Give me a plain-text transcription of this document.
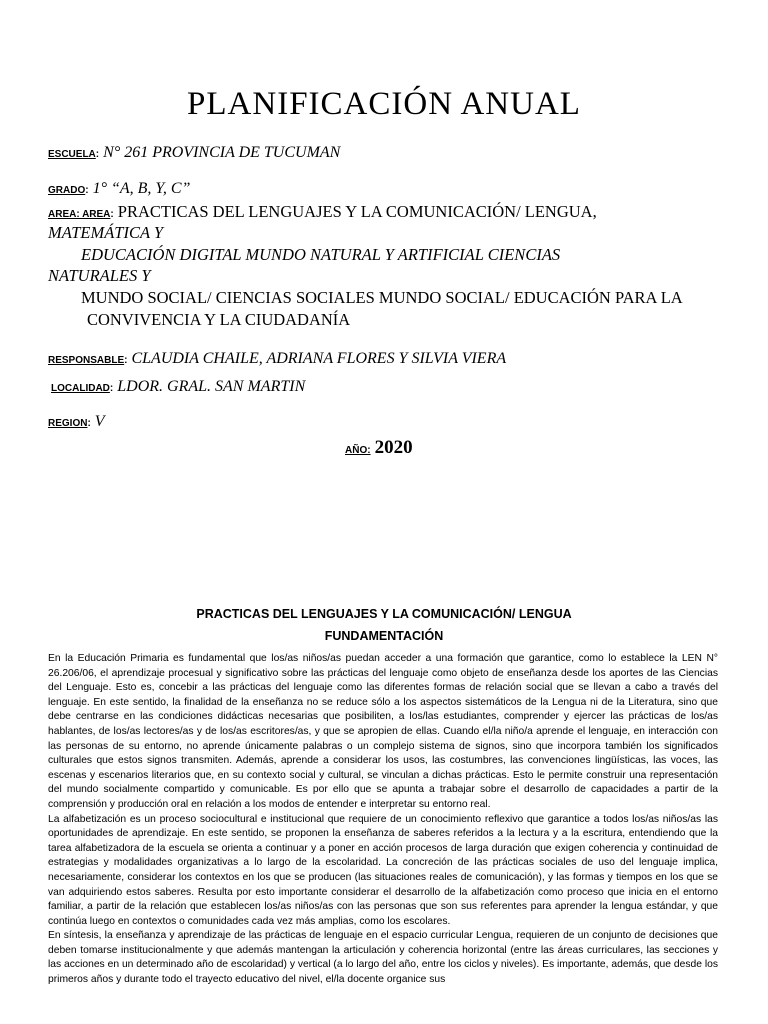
PLANIFICACIÓN ANUAL
ESCUELA: N° 261 PROVINCIA DE TUCUMAN
GRADO: 1° “A, B, Y, C”
AREA: AREA: PRACTICAS DEL LENGUAJES Y LA COMUNICACIÓN/ LENGUA,
MATEMÁTICA Y
EDUCACIÓN DIGITAL MUNDO NATURAL Y ARTIFICIAL CIENCIAS
NATURALES Y
MUNDO SOCIAL/ CIENCIAS SOCIALES MUNDO SOCIAL/ EDUCACIÓN PARA LA
CONVIVENCIA Y LA CIUDADANÍA
RESPONSABLE: CLAUDIA CHAILE, ADRIANA FLORES Y SILVIA VIERA
LOCALIDAD: LDOR. GRAL. SAN MARTIN
REGION: V
AÑO: 2020
PRACTICAS DEL LENGUAJES Y LA COMUNICACIÓN/ LENGUA
FUNDAMENTACIÓN

En la Educación Primaria es fundamental que los/as niños/as puedan acceder a una formación que garantice, como lo establece la LEN N° 26.206/06, el aprendizaje procesual y significativo sobre las prácticas del lenguaje como objeto de enseñanza desde los aportes de las Ciencias del Lenguaje. Esto es, concebir a las prácticas del lenguaje como las diferentes formas de relación social que se llevan a cabo a través del lenguaje. En este sentido, la finalidad de la enseñanza no se reduce sólo a los aspectos sistemáticos de la Lengua ni de la Literatura, sino que debe centrarse en las condiciones didácticas necesarias que posibiliten, a los/las estudiantes, comprender y ejercer las prácticas de los/as hablantes, de los/as lectores/as y de los/as escritores/as, y que se apropien de ellas. Cuando el/la niño/a aprende el lenguaje, en interacción con las personas de su entorno, no aprende únicamente palabras o un complejo sistema de signos, sino que incorpora también los significados culturales que estos signos transmiten. Además, aprende a considerar los usos, las costumbres, las convenciones lingüísticas, las voces, las escenas y escenarios literarios que, en su contexto social y cultural, se vinculan a dichas prácticas. Esto le permite construir una representación del mundo socialmente compartido y comunicable. Es por ello que se apunta a trabajar sobre el desarrollo de capacidades a partir de la comprensión y producción oral en relación a los modos de entender e interpretar su entorno real.

La alfabetización es un proceso sociocultural e institucional que requiere de un conocimiento reflexivo que garantice a todos los/as niños/as las oportunidades de aprendizaje. En este sentido, se proponen la enseñanza de saberes referidos a la lectura y a la escritura, entendiendo que la tarea alfabetizadora de la escuela se orienta a continuar y a poner en acción procesos de larga duración que exigen coherencia y continuidad de estrategias y modalidades organizativas a lo largo de la escolaridad. La concreción de las prácticas sociales de uso del lenguaje implica, necesariamente, considerar los contextos en los que se producen (las situaciones reales de comunicación), y las formas y tiempos en los que se van adquiriendo estos saberes. Resulta por esto importante considerar el desarrollo de la alfabetización como proceso que inicia en el entorno familiar, a partir de la relación que establecen los/as niños/as con las personas que son sus referentes para aprender la lengua estándar, y que continúa luego en contextos o comunidades cada vez más amplias, como los escolares.

En síntesis, la enseñanza y aprendizaje de las prácticas de lenguaje en el espacio curricular Lengua, requieren de un conjunto de decisiones que deben tomarse institucionalmente y que además mantengan la articulación y coherencia horizontal (entre las áreas curriculares, las secciones y las acciones en un determinado año de escolaridad) y vertical (a lo largo del año, entre los ciclos y niveles). Es importante, además, que desde los primeros años y durante todo el trayecto educativo del nivel, el/la docente organice sus
